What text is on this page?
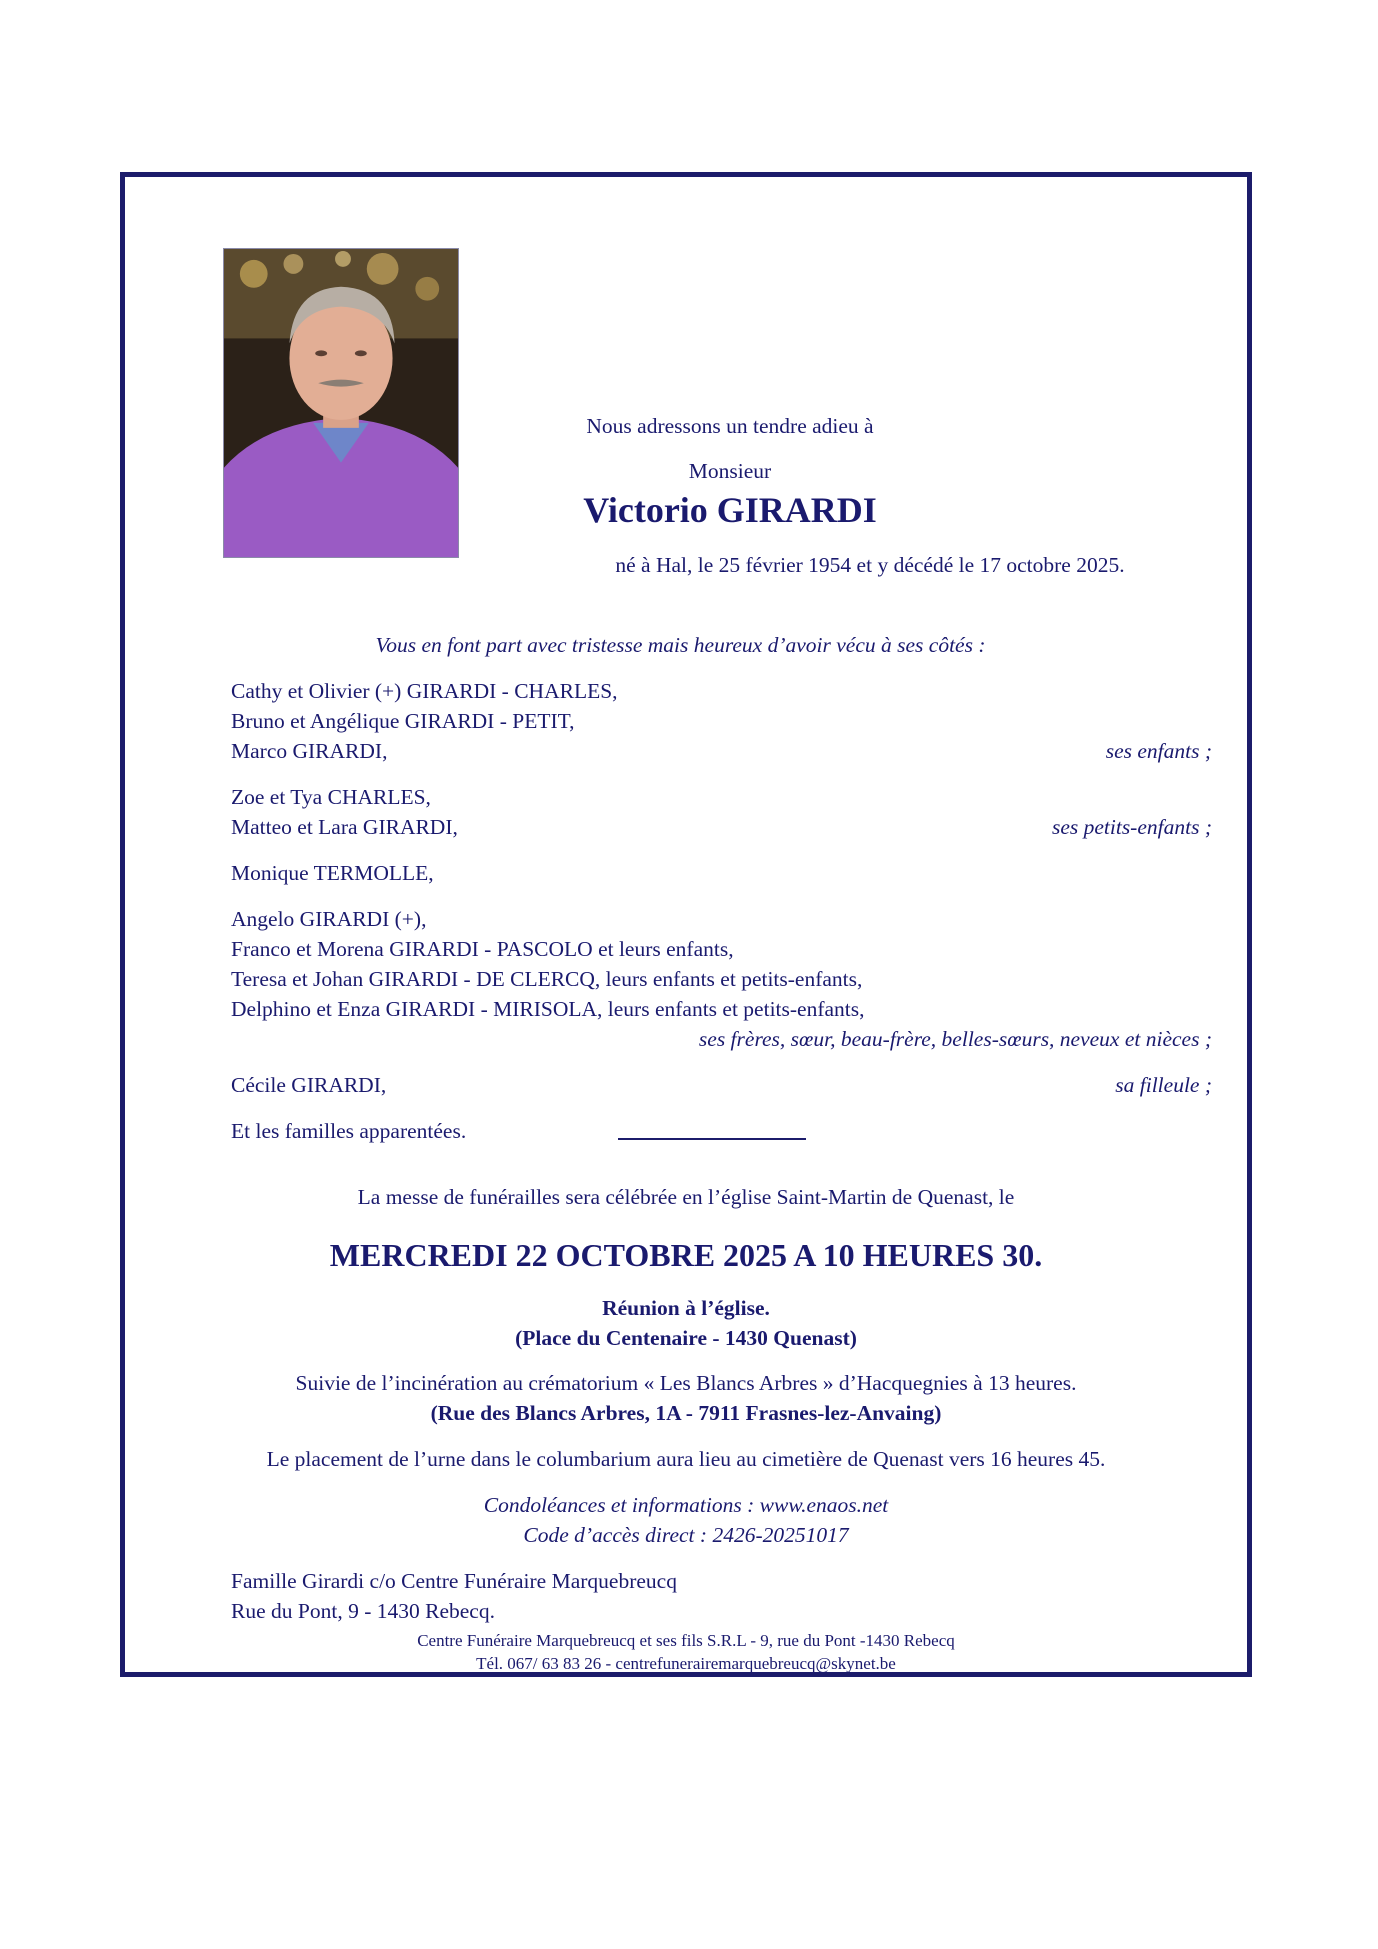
Nous adressons un tendre adieu à
Monsieur
Victorio GIRARDI
né à Hal, le 25 février 1954 et y décédé le 17 octobre 2025.
Vous en font part avec tristesse mais heureux d’avoir vécu à ses côtés :
Cathy et Olivier (+) GIRARDI - CHARLES,
Bruno et Angélique GIRARDI - PETIT,
Marco GIRARDI,	ses enfants ;
Zoe et Tya CHARLES,
Matteo et Lara GIRARDI,	ses petits-enfants ;
Monique TERMOLLE,
Angelo GIRARDI (+),
Franco et Morena GIRARDI - PASCOLO et leurs enfants,
Teresa et Johan GIRARDI - DE CLERCQ, leurs enfants et petits-enfants,
Delphino et Enza GIRARDI - MIRISOLA, leurs enfants et petits-enfants,
ses frères, sœur, beau-frère, belles-sœurs, neveux et nièces ;
Cécile GIRARDI,	sa filleule ;
Et les familles apparentées.
La messe de funérailles sera célébrée en l’église Saint-Martin de Quenast, le
MERCREDI 22 OCTOBRE 2025 A 10 HEURES 30.
Réunion à l’église.
(Place du Centenaire - 1430 Quenast)
Suivie de l’incinération au crématorium « Les Blancs Arbres » d’Hacquegnies à 13 heures.
(Rue des Blancs Arbres, 1A - 7911 Frasnes-lez-Anvaing)
Le placement de l’urne dans le columbarium aura lieu au cimetière de Quenast vers 16 heures 45.
Condoléances et informations : www.enaos.net
Code d’accès direct : 2426-20251017
Famille Girardi c/o Centre Funéraire Marquebreucq
Rue du Pont, 9 - 1430 Rebecq.
Centre Funéraire Marquebreucq et ses fils S.R.L - 9, rue du Pont -1430 Rebecq
Tél. 067/ 63 83 26 - centrefunerairemarquebreucq@skynet.be
